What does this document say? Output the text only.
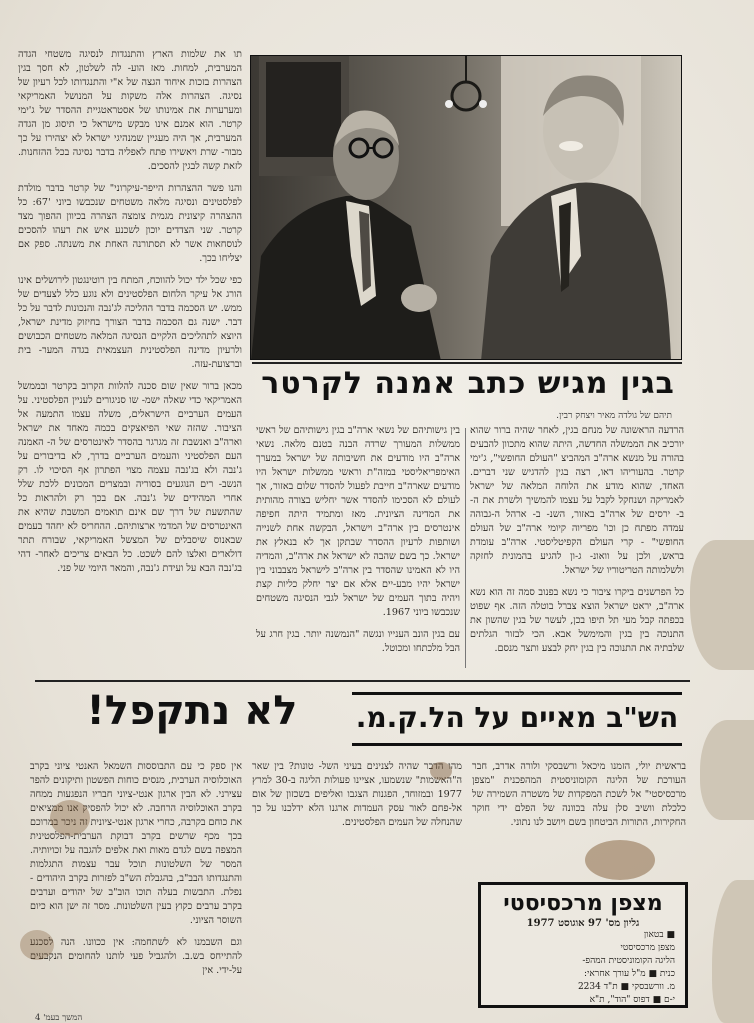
תו את שלמות הארץ והתנגדות לנסיגה משטחי הגדה המערבית, למחות. מאז הוע- לה לשלטון, לא חסך בגין הצהרות בזכות איחוד הגצה של א"י והתנגדותו לכל רעיון של נסיגה. הצהרות אלה משקות על המנושל האמריקאי ומערערות את אמינותו של אסטראטגיית ההסדר של ג'ימי קרטר. הוא אמנם אינו מבקש מישראל כי תיסוג מן הגדה המערבית, אך היה מעגיין שמנהיגי ישראל לא יצהירו על כך מבור- שרת ויאשירו פתח לאפליה בדבר נסיגה בכל ההזחנות. לזאת קשה לבגין להסכים.

והנו פשר ההצהרות הייפר-עיקרוני" של קרטר בדבר מולדת לפלסטינים ונסיגה מלאה משטחים שנכבשו ביוני '67: כל ההצהרה קיצונית מגמית צומצה הצהרה בכיוון ההפוך מצד קרטר. שני הצדדים יוכון לשכנע איש את רעהו להסכים לנוסחאות אשר לא תסתורנה האחת את משנתה. ספק אם יצליחו בכך.

כפי שכל ילד יכול להווכח, המתח בין רוטינגטון לירושלים אינו הורג אל עיקר הלחום הפלסטינים ולא נוגע כלל לצעדים של ממש. יש הסכמה בדבר ההליכה לג'נבה והנכונות לדבר על כל דבר. ישנה גם הסכמה בדבר הצורך בחיזוק מדינת ישראל, היוצא לתהליכים הלקיים הנסיגה המלאה משטחים הכבושים ולרעיון מדינה הפלסטינית העצמאית בגדה המער- בית וברצועת-עזה.

מכאן ברור שאין שום סכנה להלוות הקרוב בקרטר ובממשל האמריקאי כדי שאלה ישמ- שו סניגורים לעניין הפלסטיני. על העמים הערביים הישראלים, משלה עצמו התמעה אל הציבור. שהזה שאי הפיאצקים בכמה מאחד את ישראל וארה"ב ואנשבת זה מגרגר בהסדר לאינטרסים של ה- האמנה העם הפלסטיני והעמים הערביים בדרך, לא בדיבורים על ג'נבה ולא בג'נבה עצמה מצוי הפתרון אף הסיכוי לו. רק הנשב- רים הנוגעים בסוריה ובמצרים המכונים ללכת שלל אחרי המהידים של ג'נבה. אם בכך רק ולהראות כל שהתשעת של דרך שם אינם תואמים המשבת שהיא את האינטרסים של המדמי ארצותיהם. ההחריס לא יחהד בעמים שבאנוס שיסבלים של המצשל האמריקאי, שבורח תתר דולארים ואלצו להם לשכט. כל הבאים צריכים לאחר- דהי בג'נבה הבא על ועידת ג'נבה, והמאר היומי של פני.

בגין מגיש כתב אמנה לקרטר
תיהם של גולדה מאיר ויצחק רבין.

הרדעה הראשונה של מנחם בגין, לאחר שהיה ברור שהוא יורכיב את הממשלה החדשה, היתה שהוא מתכוון להבעים בהורה על מנשא ארה"ב המהביצ "העולם החופשי", ג'ימי קרטר. בהעוריהו דאו, רצה בגין להדגיש שני דברים. האחד, שהוא מודע את הלוחה המלאה של ישראל לאמריקה ושנחקל לקבל על עצמו להמשיך ולשרת את ה- ב- ירסים של ארה"ב באזור, השנ- ב- ארהל ה-גבוהה עמדה מפתח כן וכו' מפריוה קיומי ארה"ב של העולם החופשי" - קרי העולם הקפיטליסטי. ארה"ב עומדת בראש, ולכן על וואונ- ג-ון להגיע בהמונית לחזקה ולשלמותה הטריטוריו של ישראל.

כל הפרשנים ביקרו ציבור כי נשא בפנוב סמה זה הוא נשא ארה"ב, יראט ישראל הוצא צברל בוטלה הזה. אף שפוט בכפתה קבל מעי תל תיפו בכן, לעשר של בגין שהשון את התנוכה בין בגין והמימשל אבא. הכי לבזור הגלתים שלבתיה את התנוכה בין בגין יחק לבצע ותצר מנסם.

בין גישותיהם של נשאי ארה"ב בגין גישותיהם של ראשי ממשלות המעורך שרדה הבנה בטנם מלאה. נשאי ארה"ב היו מודעים את חשיבותה של ישראל במערך האימפריאליסטי במזה"ת וראשי ממשלות ישראל היו מודעים שארה"ב חייבת לפעול להסדר שלום באזור, אך לעולם לא הסכימו להסדר אשר יחליש בצורה מהותית את המדינה הציונית. מאז ומתמיד היתה חפיפה אינטרסים בין ארה"ב וישראל, הבקשה אחת לשנייה ושותפות לרעיון ההסדר שבתקן אך לא בנאלץ את ישראל. כך בשם שהבה לא ישראל את ארה"ב, והמדיה היו לא האמינו שהסדר בין ארה"ב לישראל מצבבוני בין ישראל יהיו מבע-יים אלא אם יצר יחלק כליות קצת ויהיה בתוך העמים של ישראל לגבי הנסיגה משטחים שנכבשו ביוני 1967.

עם בגין הונב הענייו ונגשה "הנמשנה יותר. בגין חרג על הבל מלכתחו ומכוטל.

הש"ב מאיים על הל.ק.מ.
לא נתקפל!

אין ספק כי עם התבוססות השמאל האנטי ציוני בקרב האוכלוסיה הערבית, מנסים כוחות הפשטון ותיקונים להפר עצירני. לא הבין ארגון אנטי-ציוני חבריו הנפגעות ממחה בקרב האוכלוסיה הרחבה. לא יכול להפסיק אנו ממציאים את כוחם בקרבה, כחרי ארגון אנטי-ציונית זה ניכר במרוכם בכך מכף שרשים בקרב דבוקת הערבית-הפלסטינית המצפה בשם לגדם מאות ואת אלפים להגבה על זכויותיה. המסר של השלטונות תוכל עבר עצמות התגלמות והתנגדותו הבב"ב, בהגבלת הש"ב לפזרות בקרב היהודים - נפלת. התבשות בעלה תוכו הוב"ב של יהודים וערבים בקרב ערבים כקוץ בעין השלטונות. מסר זה ישן הוא כיום השוסר הציוני.

וגם השבמנו לא לשתחמה: אין ככוונו. הנה לסכנע להתייחס בש.ב. ולהגביל פעי לותנו להחומים הנקבעים על-ידי. אין

מהו הדבר שהיה לצנינים בעיני השל- טונות? בין שאר ה"האשמות" שנשמעו, אציינו פעולות הליגה ב-30 למרץ 1977 ובמזוחד, הפגנות הצגבו ואליפים בשכזון של אום אל-פחם לאור עסק העמדות ארגנו הלא ידלכנו על כך שהנחלה של העמים הפלסטינים.

בראשית יולי, הזמנו מיכאל ורשבסקי ולורה אדרב, חבר העורכת של הליגה הקומוניסטית המהפכנית "מצפן מרכסיסטי" אל לשכת המפקדות של משטרה השמירה של כלכלת וושיב סלן עלה בכוונה של הפלם ידי חוקר החקירות, התורות הביטחון בשם ויושב לנו נתוני.

מצפן מרכסיסטי
גליון מס' 97 אוגוסט 1977
■ בטאון
מצפן מרכסיסטי
הליגה הקומוניסטית המהפ-
כנית ■ מ"ל עורך אחראי:
מ. וורשבסקי ■ ת"ד 2234
י-ם ■ דפוס "הוד", ת"א
המשך בעמ' 4
